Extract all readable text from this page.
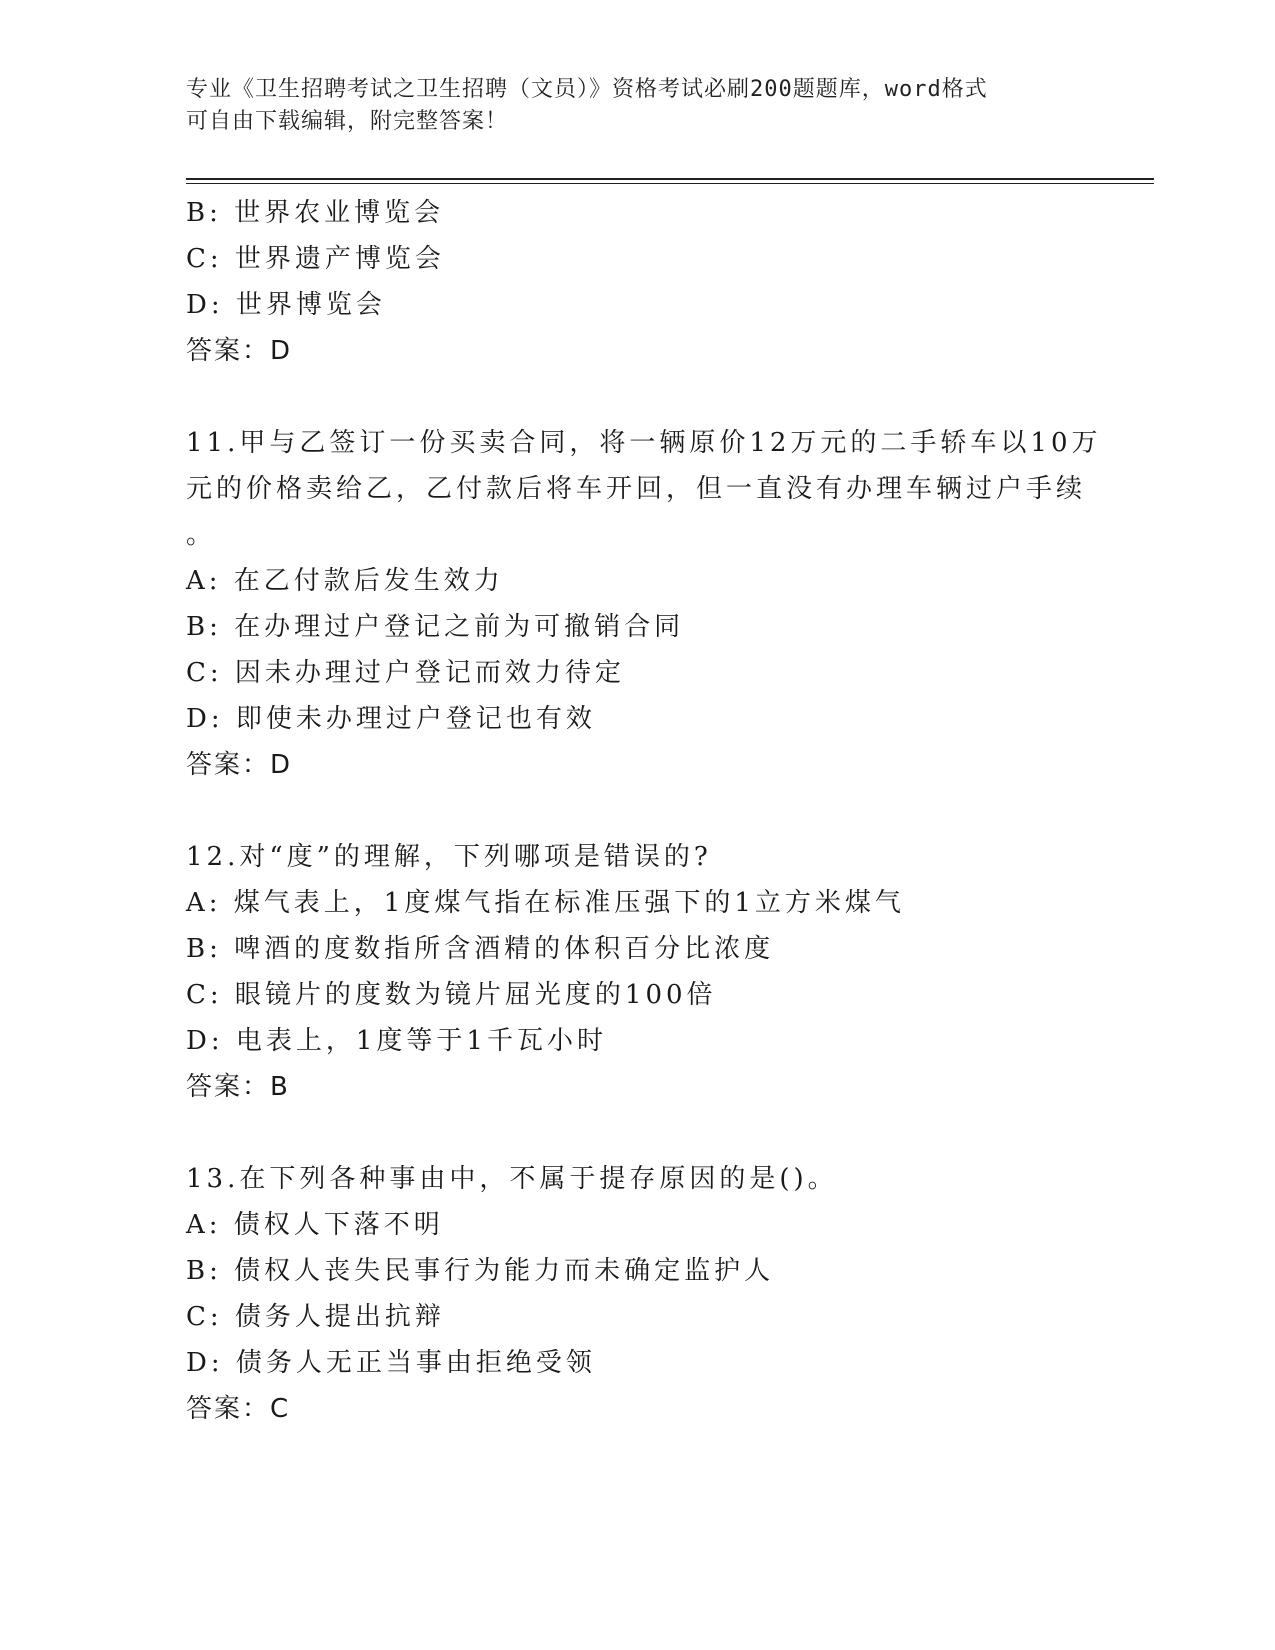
专业《卫生招聘考试之卫生招聘（文员）》资格考试必刷200题题库，word格式
可自由下载编辑，附完整答案！
B: 世界农业博览会
C: 世界遗产博览会
D: 世界博览会
答案：D
11.甲与乙签订一份买卖合同，将一辆原价12万元的二手轿车以10万
元的价格卖给乙，乙付款后将车开回，但一直没有办理车辆过户手续
。
A: 在乙付款后发生效力
B: 在办理过户登记之前为可撤销合同
C: 因未办理过户登记而效力待定
D: 即使未办理过户登记也有效
答案：D
12.对“度”的理解，下列哪项是错误的?
A: 煤气表上，1度煤气指在标准压强下的1立方米煤气
B: 啤酒的度数指所含酒精的体积百分比浓度
C: 眼镜片的度数为镜片屈光度的100倍
D: 电表上，1度等于1千瓦小时
答案：B
13.在下列各种事由中，不属于提存原因的是()。
A: 债权人下落不明
B: 债权人丧失民事行为能力而未确定监护人
C: 债务人提出抗辩
D: 债务人无正当事由拒绝受领
答案：C
